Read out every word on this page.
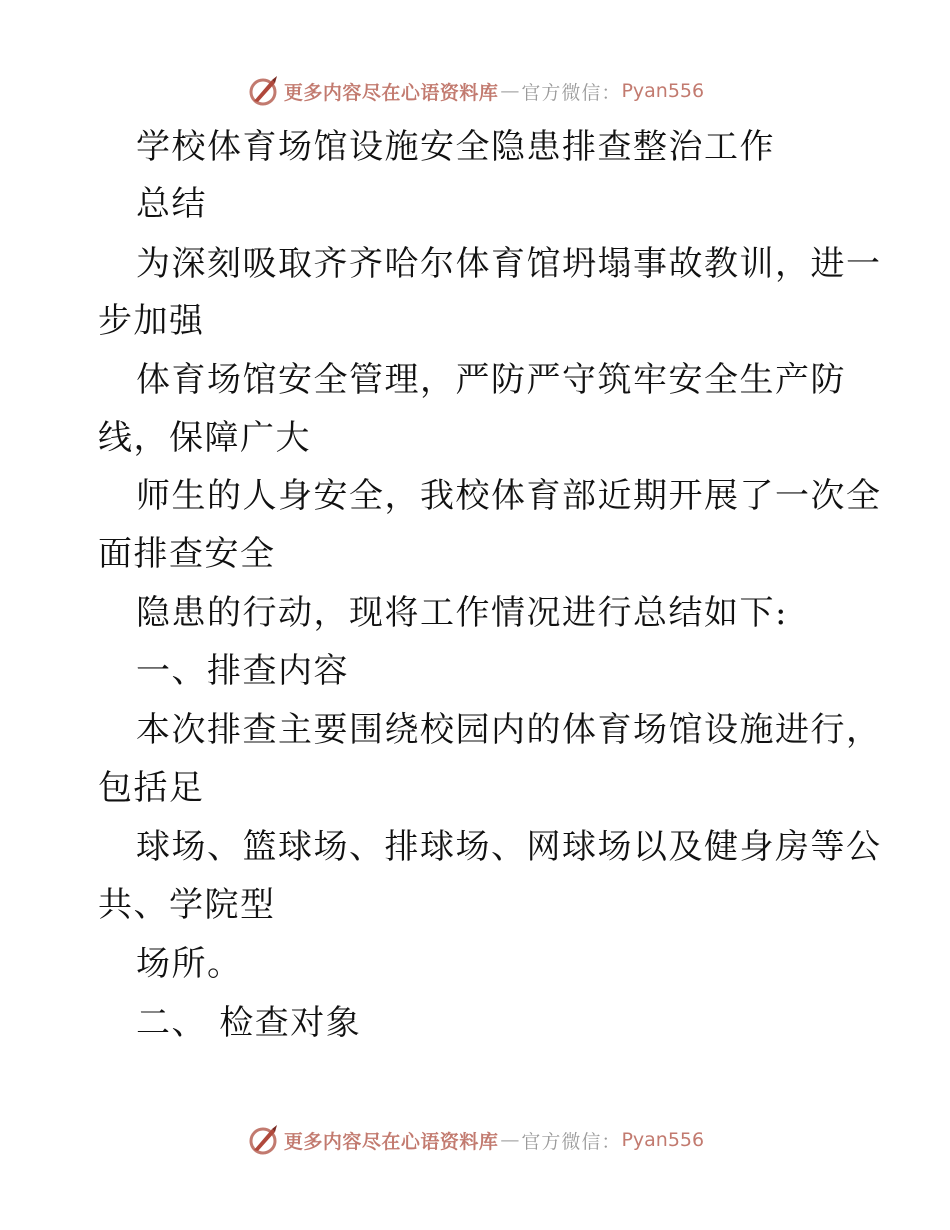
更多内容尽在心语资料库 — 官方微信： Pyan556
学校体育场馆设施安全隐患排查整治工作
总结
为深刻吸取齐齐哈尔体育馆坍塌事故教训，进一
步加强
体育场馆安全管理，严防严守筑牢安全生产防
线，保障广大
师生的人身安全，我校体育部近期开展了一次全
面排查安全
隐患的行动，现将工作情况进行总结如下:
一、排查内容
本次排查主要围绕校园内的体育场馆设施进行，
包括足
球场、篮球场、排球场、网球场以及健身房等公
共、学院型
场所。
二、 检查对象
更多内容尽在心语资料库 — 官方微信： Pyan556
